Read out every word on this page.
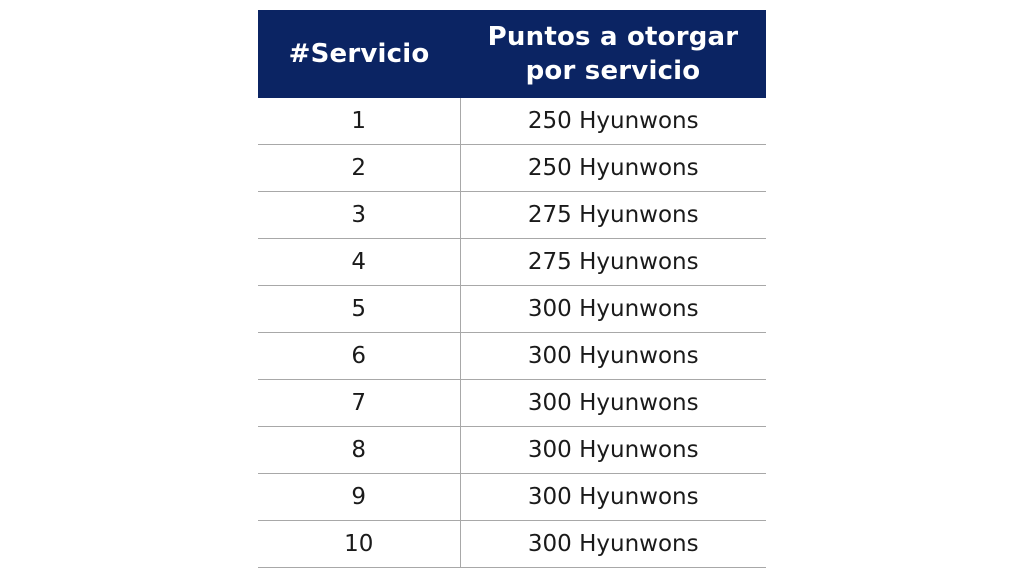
#Servicio	Puntos a otorgar por servicio
1	250 Hyunwons
2	250 Hyunwons
3	275 Hyunwons
4	275 Hyunwons
5	300 Hyunwons
6	300 Hyunwons
7	300 Hyunwons
8	300 Hyunwons
9	300 Hyunwons
10	300 Hyunwons
